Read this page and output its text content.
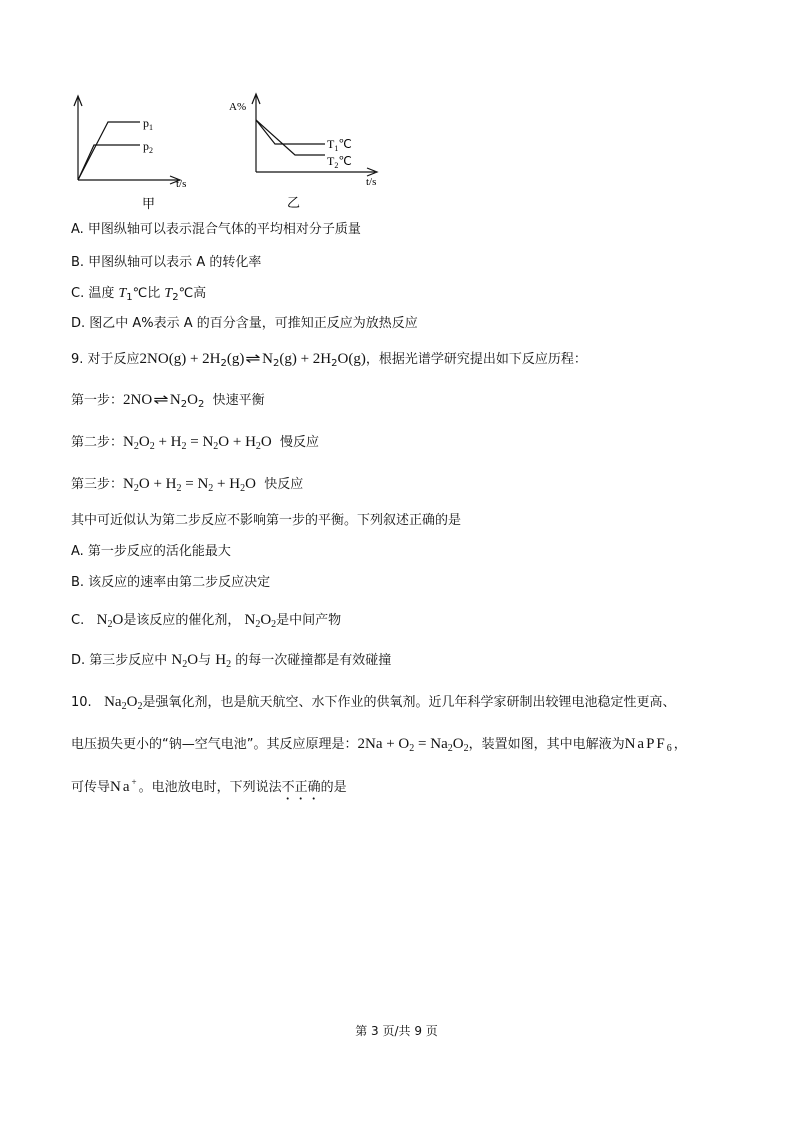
$p_1$
$p_2$
t/s
甲
A%
$T_1℃$
$T_2℃$
t/s
乙
A. 甲图纵轴可以表示混合气体的平均相对分子质量
B. 甲图纵轴可以表示 A 的转化率
C. 温度 $T_1℃$比 $T_2℃$高
D. 图乙中 A%表示 A 的百分含量，可推知正反应为放热反应
9. 对于反应$2NO(g) + 2H_2(g)\rightleftharpoons N_2(g) + 2H_2O(g)$，根据光谱学研究提出如下反应历程：
第一步：$2NO\rightleftharpoons N_2O_2$ 快速平衡
第二步：$N_2O_2 + H_2 = N_2O + H_2O$ 慢反应
第三步：$N_2O + H_2 = N_2 + H_2O$ 快反应
其中可近似认为第二步反应不影响第一步的平衡。下列叙述正确的是
A. 第一步反应的活化能最大
B. 该反应的速率由第二步反应决定
C. $N_2O$是该反应的催化剂， $N_2O_2$是中间产物
D. 第三步反应中 $N_2O$与 $H_2$ 的每一次碰撞都是有效碰撞
10. $Na_2O_2$是强氧化剂，也是航天航空、水下作业的供氧剂。近几年科学家研制出较锂电池稳定性更高、
电压损失更小的“钠—空气电池”。其反应原理是：$2Na + O_2 = Na_2O_2$，装置如图，其中电解液为NaPF$_6$，
可传导Na+。电池放电时，下列说法不正确的是
第 3 页/共 9 页
